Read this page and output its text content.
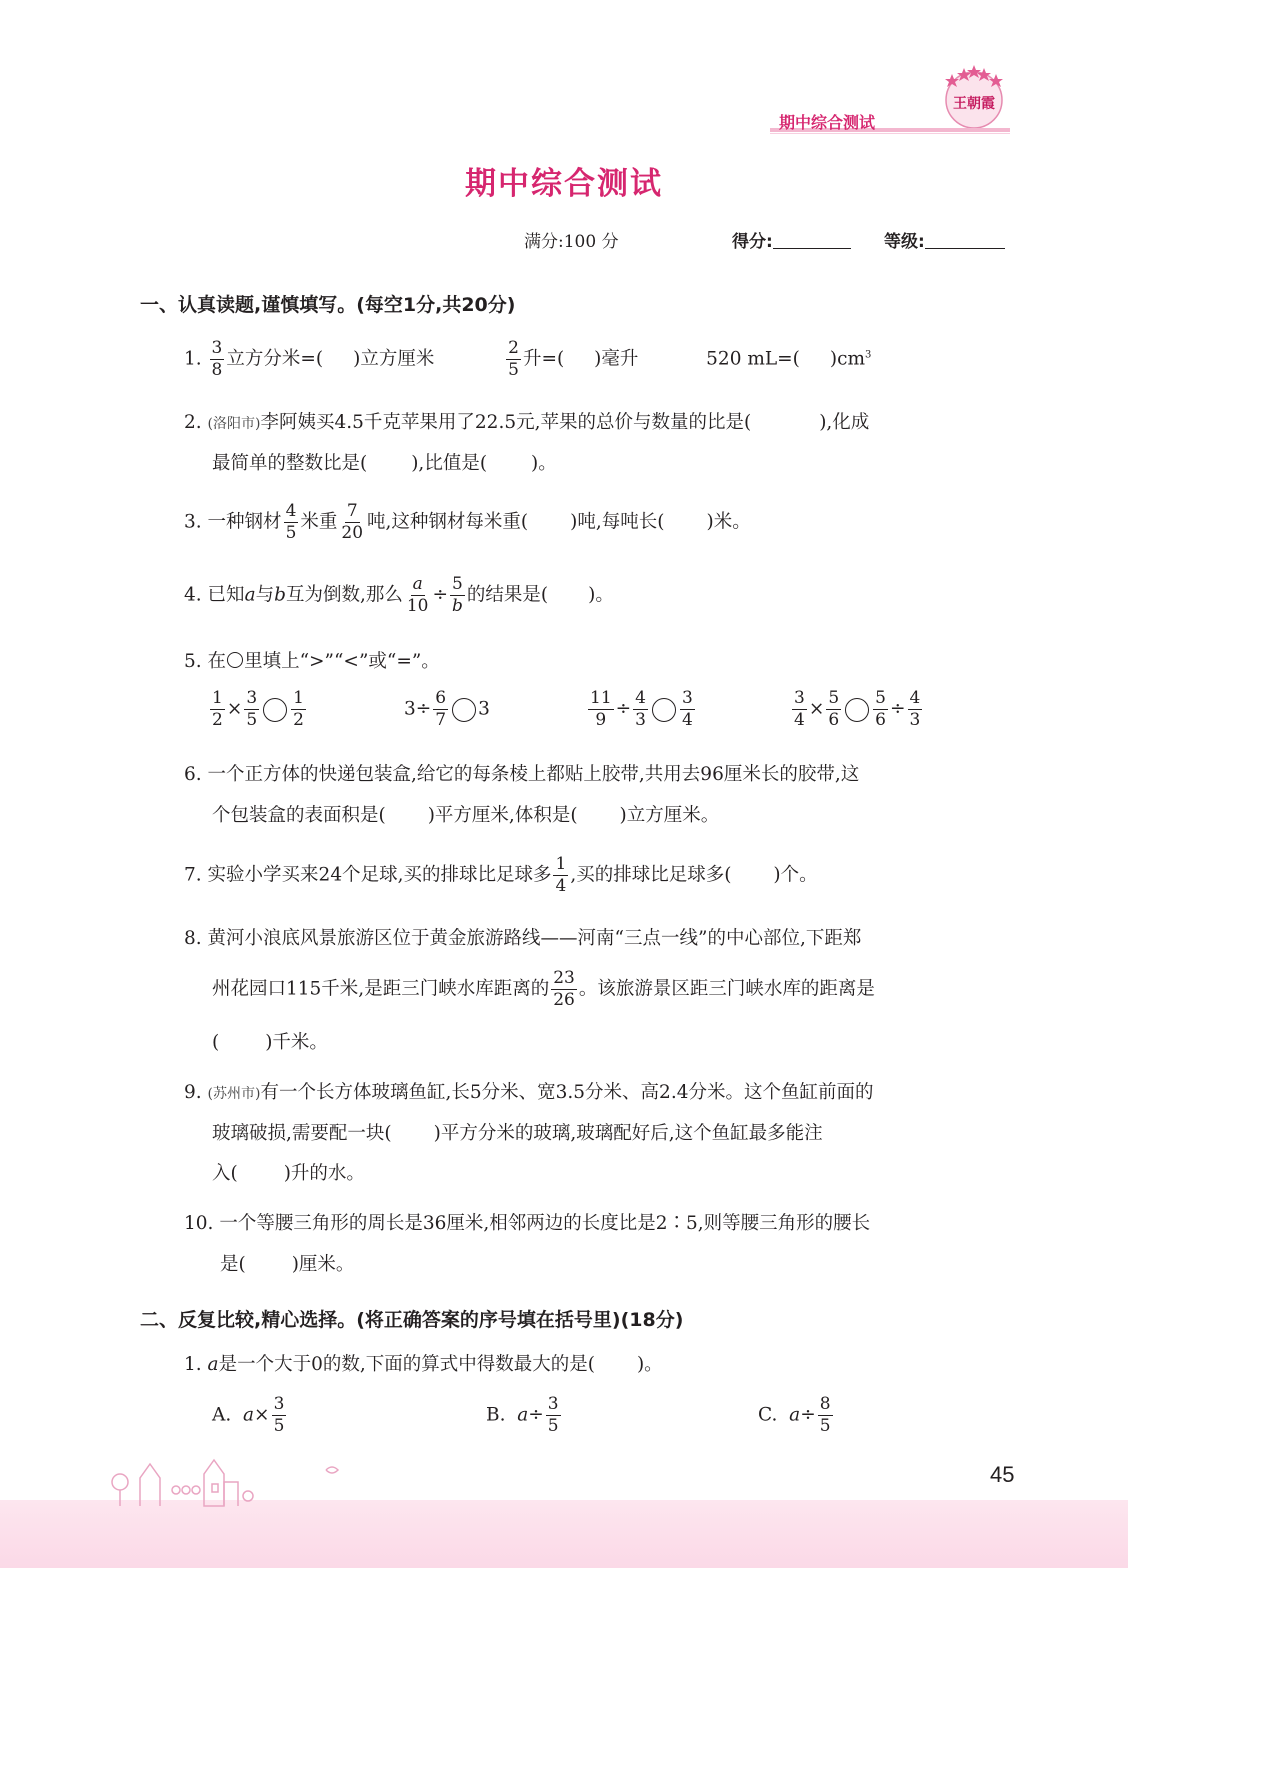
王朝霞
期中综合测试
期中综合测试
满分:100 分	得分:	等级:
一、认真读题,谨慎填写。(每空1分,共20分)
1. $\frac{3}{8}$ 立方分米=( )立方厘米	$\frac{2}{5}$ 升=( )毫升	520 mL=( )$cm^3$
2. (洛阳市)李阿姨买4.5千克苹果用了22.5元,苹果的总价与数量的比是(	),化成
最简单的整数比是( ),比值是( )。
3. 一种钢材 $\frac{4}{5}$ 米重 $\frac{7}{20}$ 吨,这种钢材每米重( )吨,每吨长( )米。
4. 已知a与b互为倒数,那么 $\frac{a}{10} \div \frac{5}{b}$ 的结果是( )。
5. 在 里填上“>”“<”或“=”。
$\frac{1}{2} \times \frac{3}{5} \frac{1}{2}$	$3\div \frac{6}{7} 3$	$\frac{11}{9} \div \frac{4}{3} \frac{3}{4}$	$\frac{3}{4} \times \frac{5}{6} \frac{5}{6} \div \frac{4}{3}$
6. 一个正方体的快递包装盒,给它的每条棱上都贴上胶带,共用去96厘米长的胶带,这
个包装盒的表面积是( )平方厘米,体积是( )立方厘米。
7. 实验小学买来24个足球,买的排球比足球多 $\frac{1}{4}$ ,买的排球比足球多( )个。
8. 黄河小浪底风景旅游区位于黄金旅游路线——河南“三点一线”的中心部位,下距郑
州花园口115千米,是距三门峡水库距离的 $\frac{23}{26}$ 。该旅游景区距三门峡水库的距离是
( )千米。
9. (苏州市)有一个长方体玻璃鱼缸,长5分米、宽3.5分米、高2.4分米。这个鱼缸前面的
玻璃破损,需要配一块( )平方分米的玻璃,玻璃配好后,这个鱼缸最多能注
入( )升的水。
10. 一个等腰三角形的周长是36厘米,相邻两边的长度比是2∶5,则等腰三角形的腰长
是( )厘米。
二、反复比较,精心选择。(将正确答案的序号填在括号里)(18分)
1. a是一个大于0的数,下面的算式中得数最大的是( )。
A. $a\times \frac{3}{5}$	B. $a\div \frac{3}{5}$	C. $a\div \frac{8}{5}$
45
